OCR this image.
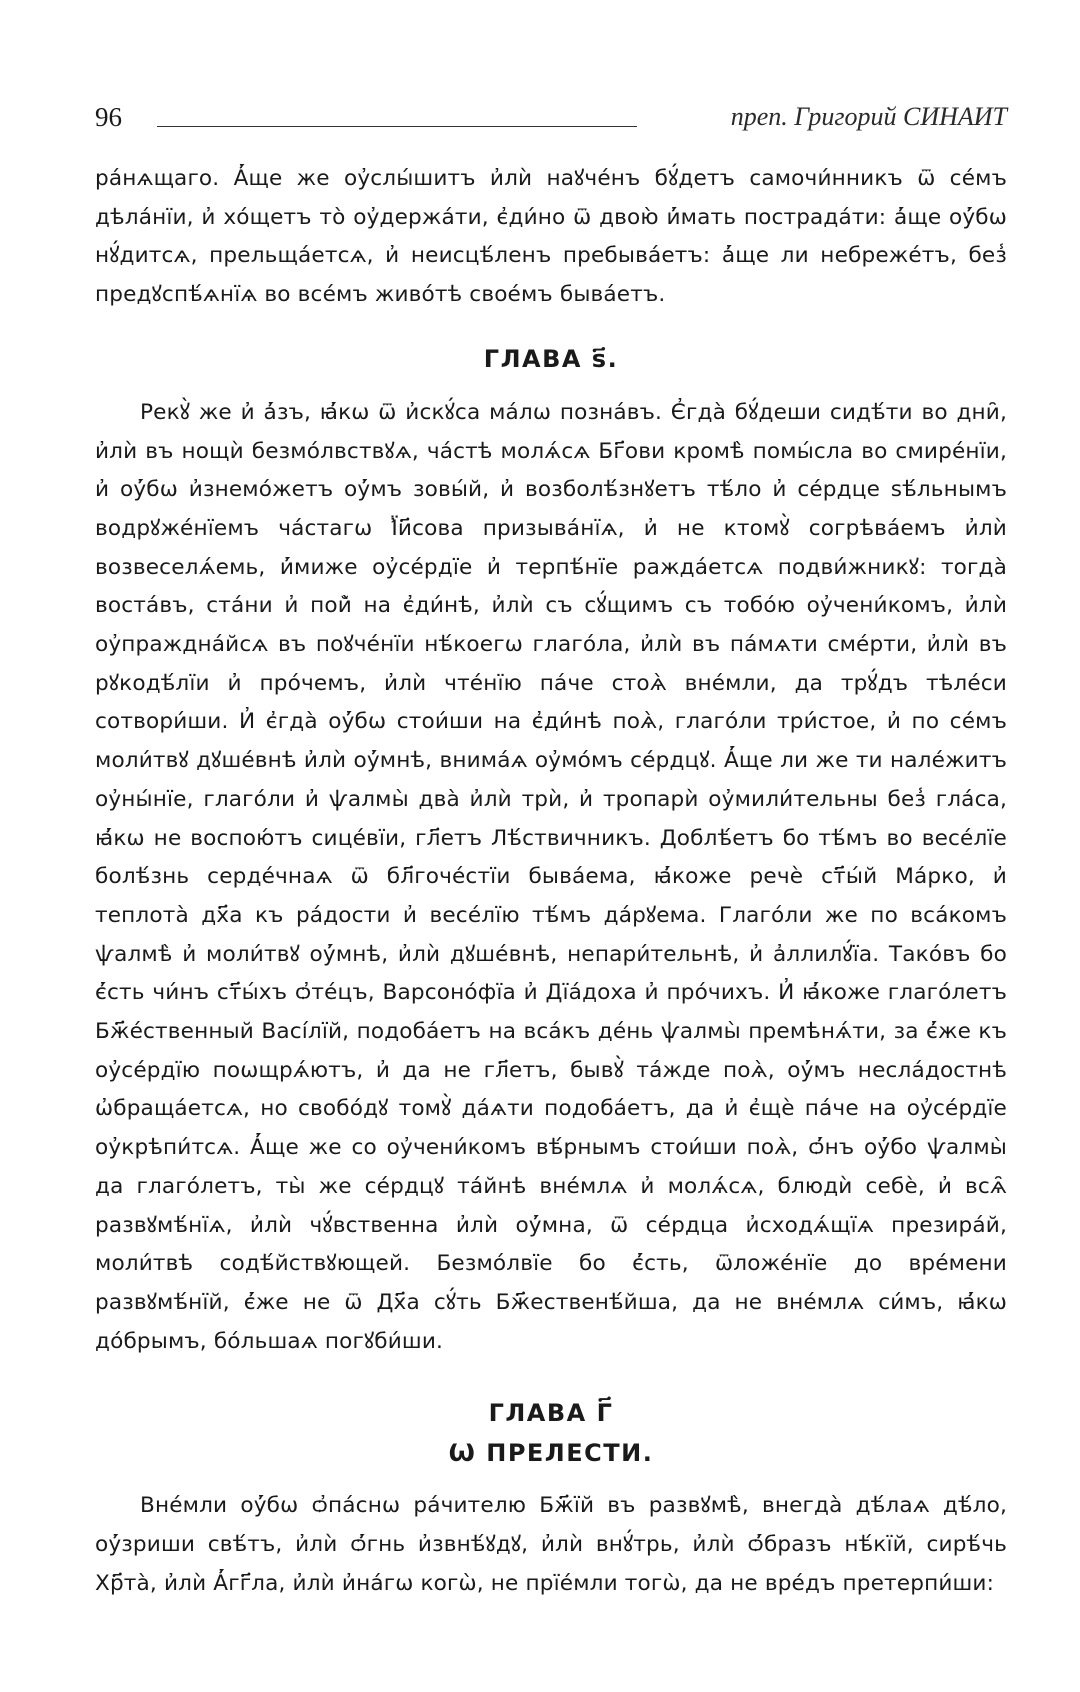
96	преп. Григорий СИНАИТ

ра́нѧщаго. А҆́ще же оу҆слы́шитъ и҆лѝ наꙋче́нъ бꙋ́детъ самочи́нникъ ѿ се́мъ дѣла́нїи, и҆ хо́щетъ то̀ оу҆держа́ти, є҆ди́но ѿ двою̀ и҆́мать пострада́ти: а҆́ще оу҆́бѡ нꙋ́дитсѧ, прельща́етсѧ, и҆ неисцѣ́ленъ пребыва́етъ: а҆́ще ли небреже́тъ, без̾ предꙋспѣ́ѧнїѧ во все́мъ живо́тѣ свое́мъ быва́етъ.

ГЛАВА ѕ҃.

Рекꙋ̀ же и҆ а҆́зъ, ꙗ҆́кѡ ѿ и҆скꙋ́са ма́лѡ позна́въ. Є҆гда̀ бꙋ́деши сидѣ́ти во дни̑, и҆лѝ въ нощѝ безмо́лвствꙋѧ, ча́стѣ молѧ́сѧ Бг҃ови кромѣ̀ помы́сла во смире́нїи, и҆ оу҆́бѡ и҆знемо́жетъ оу҆́мъ зовы́й, и҆ возболѣ́знꙋетъ тѣ́ло и҆ се́рдце ѕѣ́льнымъ водрꙋже́нїемъ ча́стагѡ Ї҆и҃сова призыва́нїѧ, и҆ не ктомꙋ̀ согрѣва́емъ и҆лѝ возвеселѧ́емь, и҆́миже оу҆се́рдїе и҆ терпѣ́нїе ражда́етсѧ подви́жникꙋ: тогда̀ воста́въ, ста́ни и҆ пой̀ на є҆ди́нѣ, и҆лѝ съ сꙋ́щимъ съ тобо́ю оу҆чени́комъ, и҆лѝ оу҆праждна́йсѧ въ поꙋче́нїи нѣ́коегѡ глаго́ла, и҆лѝ въ па́мѧти сме́рти, и҆лѝ въ рꙋкодѣ́лїи и҆ про́чемъ, и҆лѝ чте́нїю па́че стоѧ̀ вне́мли, да трꙋ́дъ тѣле́си сотвори́ши. И҆ є҆гда̀ оу҆́бѡ стои́ши на є҆ди́нѣ поѧ̀, глаго́ли три́стое, и҆ по се́мъ моли́твꙋ дꙋше́внѣ и҆лѝ оу҆́мнѣ, внима́ѧ оу҆мо́мъ се́рдцꙋ. А҆́ще ли же ти нале́житъ оу҆ны́нїе, глаго́ли и҆ ѱалмы̀ два̀ и҆лѝ трѝ, и҆ тропарѝ оу҆мили́тельны без̾ гла́са, ꙗ҆́кѡ не воспою́тъ сице́вїи, гл҃етъ Лѣ́ствичникъ. Доблѣ́етъ бо тѣ́мъ во весе́лїе болѣ́знь серде́чнаѧ ѿ бл҃гоче́стїи быва́ема, ꙗ҆́коже речѐ ст҃ы́й Ма́рко, и҆ теплота̀ дх҃а къ ра́дости и҆ весе́лїю тѣ́мъ да́рꙋема. Глаго́ли же по вса́комъ ѱалмѣ̀ и҆ моли́твꙋ оу҆́мнѣ, и҆лѝ дꙋше́внѣ, непари́тельнѣ, и҆ а҆ллилꙋ́їа. Тако́въ бо є҆́сть чи́нъ ст҃ы́хъ ѻ҆те́цъ, Варсоно́фїа и҆ Дїа́доха и҆ про́чихъ. И҆ ꙗ҆́коже глаго́летъ Бж҃е́ственный Васі́лїй, подоба́етъ на вса́къ де́нь ѱалмы̀ премѣнѧ́ти, за є҆́же къ оу҆се́рдїю поѡщрѧ́ютъ, и҆ да не гл҃етъ, бывꙋ̀ та́жде поѧ̀, оу҆́мъ несла́достнѣ ѡ҆браща́етсѧ, но свобо́дꙋ томꙋ̀ да́ѧти подоба́етъ, да и҆ є҆щѐ па́че на оу҆се́рдїе оу҆крѣпи́тсѧ. А҆́ще же со оу҆чени́комъ вѣ́рнымъ стои́ши поѧ̀, ѻ҆́нъ оу҆́бо ѱалмы̀ да глаго́летъ, ты̀ же се́рдцꙋ та́йнѣ вне́млѧ и҆ молѧ́сѧ, блюдѝ себѐ, и҆ всѧ̑ развꙋмѣ́нїѧ, и҆лѝ чꙋ́вственна и҆лѝ оу҆́мна, ѿ се́рдца и҆сходѧ́щїѧ презира́й, моли́твѣ содѣ́йствꙋющей. Безмо́лвїе бо є҆́сть, ѿложе́нїе до вре́мени развꙋмѣ́нїй, є҆́же не ѿ Дх҃а сꙋ́ть Бж҃ественѣ́йша, да не вне́млѧ си́мъ, ꙗ҆́кѡ до́брымъ, бо́льшаѧ погꙋби́ши.

ГЛАВА Г҃
Ѡ ПРЕЛЕСТИ.

Вне́мли оу҆́бѡ ѻ҆па́снѡ ра́чителю Бж҃їй въ развꙋмѣ̀, внегда̀ дѣ́лаѧ дѣ́ло, оу҆́зриши свѣ́тъ, и҆лѝ ѻ҆́гнь и҆звнѣ́ꙋдꙋ, и҆лѝ внꙋ́трь, и҆лѝ ѻ҆́бразъ нѣ́кїй, сирѣ́чь Хр҃та̀, и҆лѝ А҆́гг҃ла, и҆лѝ и҆на́гѡ когѡ̀, не прїе́мли тогѡ̀, да не вре́дъ претерпи́ши:
